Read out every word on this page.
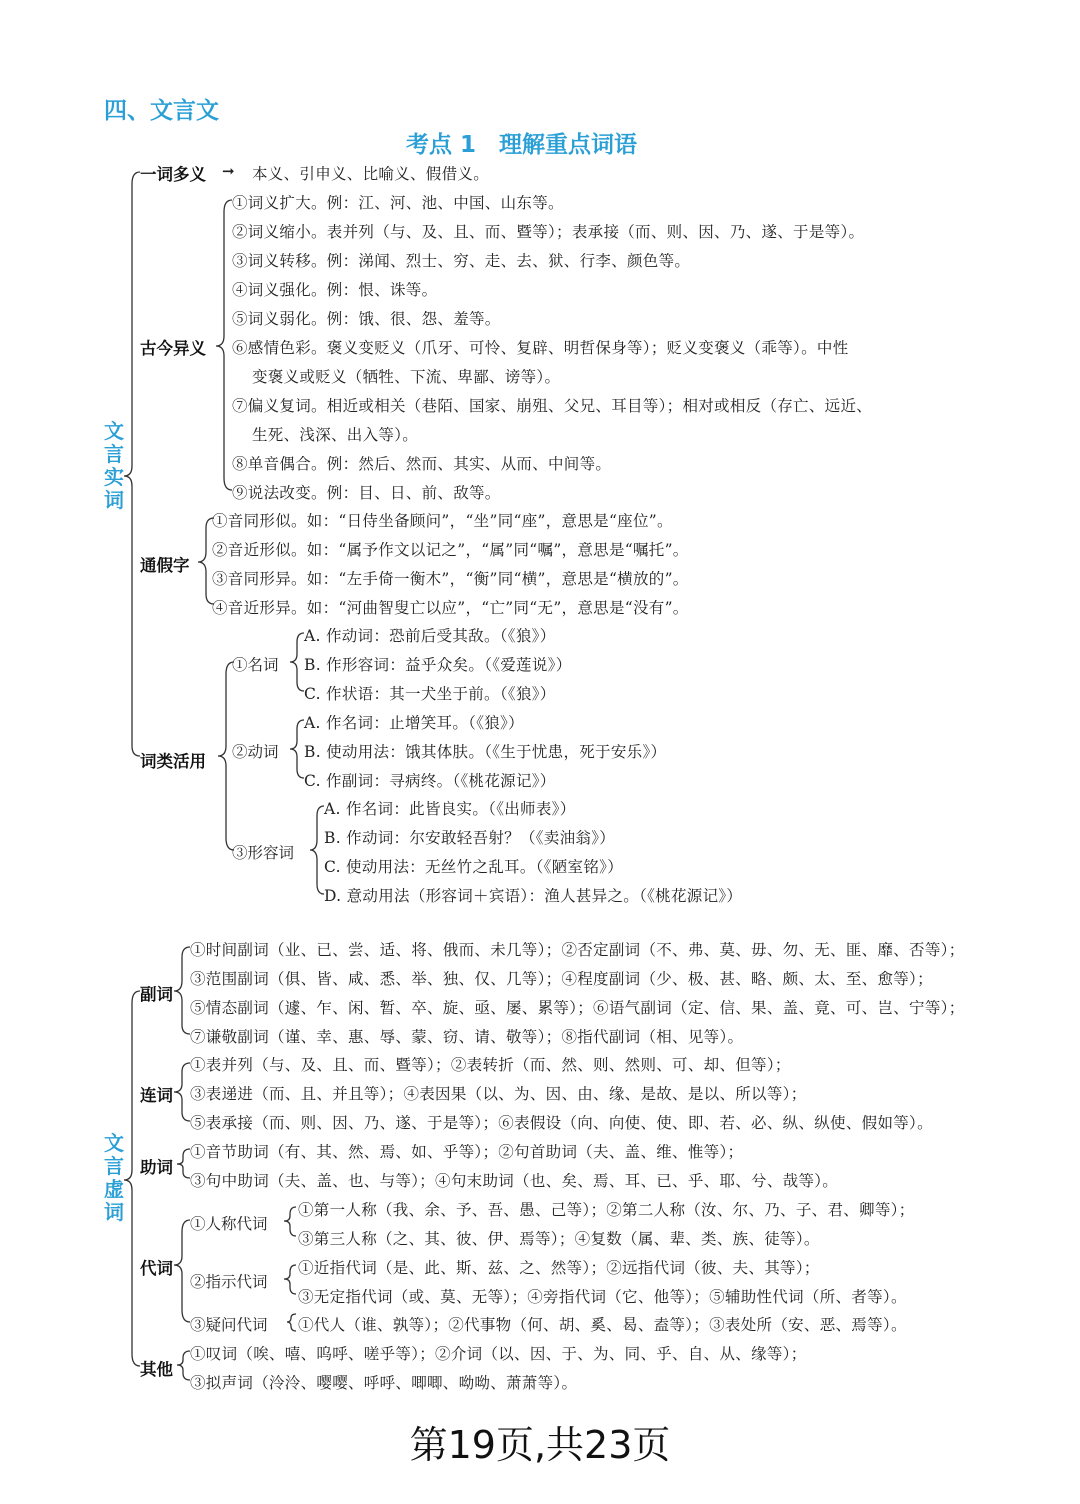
四、文言文
考点 1　理解重点词语
文言实词
一词多义 ➞ 本义、引申义、比喻义、假借义。
古今异义
①词义扩大。例：江、河、池、中国、山东等。
②词义缩小。表并列（与、及、且、而、暨等）；表承接（而、则、因、乃、遂、于是等）。
③词义转移。例：涕闻、烈士、穷、走、去、狱、行李、颜色等。
④词义强化。例：恨、诛等。
⑤词义弱化。例：饿、很、怨、羞等。
⑥感情色彩。褒义变贬义（爪牙、可怜、复辟、明哲保身等）；贬义变褒义（乖等）。中性
变褒义或贬义（牺牲、下流、卑鄙、谤等）。
⑦偏义复词。相近或相关（巷陌、国家、崩殂、父兄、耳目等）；相对或相反（存亡、远近、
生死、浅深、出入等）。
⑧单音偶合。例：然后、然而、其实、从而、中间等。
⑨说法改变。例：目、日、前、敌等。
通假字
①音同形似。如：“日侍坐备顾问”，“坐”同“座”，意思是“座位”。
②音近形似。如：“属予作文以记之”，“属”同“嘱”，意思是“嘱托”。
③音同形异。如：“左手倚一衡木”，“衡”同“横”，意思是“横放的”。
④音近形异。如：“河曲智叟亡以应”，“亡”同“无”，意思是“没有”。
词类活用
①名词
A. 作动词：恐前后受其敌。（《狼》）
B. 作形容词：益乎众矣。（《爱莲说》）
C. 作状语：其一犬坐于前。（《狼》）
②动词
A. 作名词：止增笑耳。（《狼》）
B. 使动用法：饿其体肤。（《生于忧患，死于安乐》）
C. 作副词：寻病终。（《桃花源记》）
③形容词
A. 作名词：此皆良实。（《出师表》）
B. 作动词：尔安敢轻吾射？（《卖油翁》）
C. 使动用法：无丝竹之乱耳。（《陋室铭》）
D. 意动用法（形容词＋宾语）：渔人甚异之。（《桃花源记》）
文言虚词
副词
①时间副词（业、已、尝、适、将、俄而、未几等）；②否定副词（不、弗、莫、毋、勿、无、匪、靡、否等）；
③范围副词（俱、皆、咸、悉、举、独、仅、几等）；④程度副词（少、极、甚、略、颇、太、至、愈等）；
⑤情态副词（遽、乍、闲、暂、卒、旋、亟、屡、累等）；⑥语气副词（定、信、果、盖、竟、可、岂、宁等）；
⑦谦敬副词（谨、幸、惠、辱、蒙、窃、请、敬等）；⑧指代副词（相、见等）。
连词
①表并列（与、及、且、而、暨等）；②表转折（而、然、则、然则、可、却、但等）；
③表递进（而、且、并且等）；④表因果（以、为、因、由、缘、是故、是以、所以等）；
⑤表承接（而、则、因、乃、遂、于是等）；⑥表假设（向、向使、使、即、若、必、纵、纵使、假如等）。
助词
①音节助词（有、其、然、焉、如、乎等）；②句首助词（夫、盖、维、惟等）；
③句中助词（夫、盖、也、与等）；④句末助词（也、矣、焉、耳、已、乎、耶、兮、哉等）。
代词
①人称代词
①第一人称（我、余、予、吾、愚、己等）；②第二人称（汝、尔、乃、子、君、卿等）；
③第三人称（之、其、彼、伊、焉等）；④复数（属、辈、类、族、徒等）。
②指示代词
①近指代词（是、此、斯、兹、之、然等）；②远指代词（彼、夫、其等）；
③无定指代词（或、莫、无等）；④旁指代词（它、他等）；⑤辅助性代词（所、者等）。
③疑问代词 ①代人（谁、孰等）；②代事物（何、胡、奚、曷、盍等）；③表处所（安、恶、焉等）。
其他
①叹词（唉、嘻、呜呼、嗟乎等）；②介词（以、因、于、为、同、乎、自、从、缘等）；
③拟声词（泠泠、嘤嘤、呼呼、唧唧、呦呦、萧萧等）。
第19页,共23页
